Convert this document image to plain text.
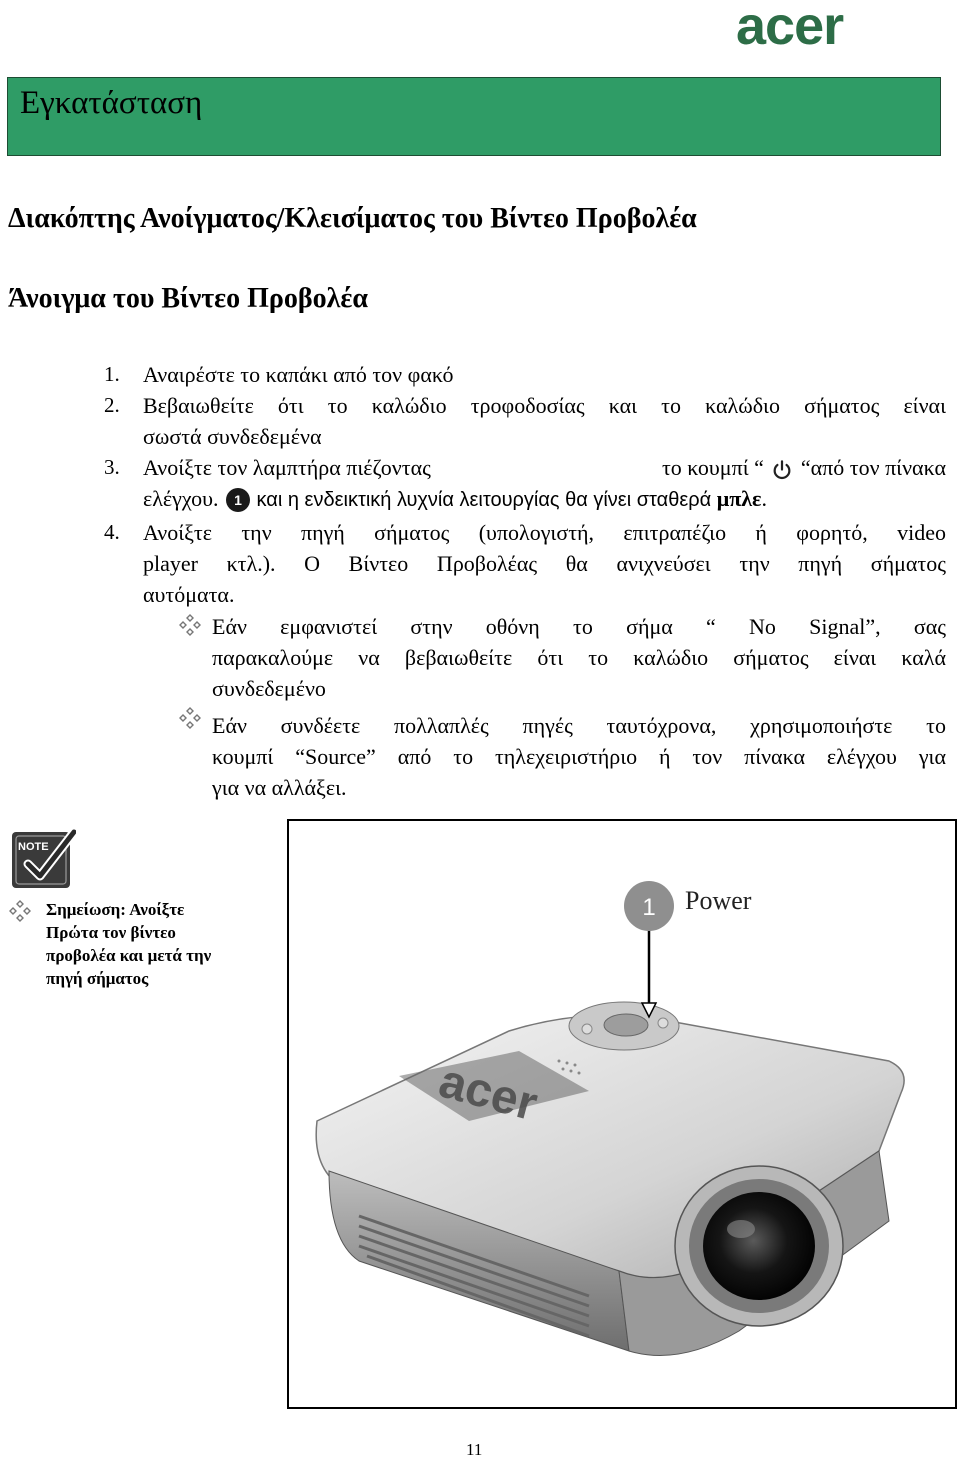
acer
Εγκατάσταση
Διακόπτης Ανοίγματος/Κλεισίματος του Βίντεο Προβολέα
Άνοιγμα του Βίντεο Προβολέα
1.	Αναιρέστε το καπάκι από τον φακό
2.	Βεβαιωθείτε ότι το καλώδιο τροφοδοσίας και το καλώδιο σήματος είναι
σωστά συνδεδεμένα
3.	Ανοίξτε τον λαμπτήρα πιέζοντας	το κουμπί “ “από τον πίνακα
ελέγχου. 1 και η ενδεικτική λυχνία λειτουργίας θα γίνει σταθερά μπλε.
4.	Ανοίξτε την πηγή σήματος (υπολογιστή, επιτραπέζιο ή φορητό, video
player κτλ.). Ο Βίντεο Προβολέας θα ανιχνεύσει την πηγή σήματος
αυτόματα.
Εάν εμφανιστεί στην οθόνη το σήμα “ No Signal”, σας
παρακαλούμε να βεβαιωθείτε ότι το καλώδιο σήματος είναι καλά
συνδεδεμένο
Εάν συνδέετε πολλαπλές πηγές ταυτόχρονα, χρησιμοποιήστε το
κουμπί “Source” από το τηλεχειριστήριο ή τον πίνακα ελέγχου για
για να αλλάξει.
NOTE
Σημείωση: Ανοίξτε
Πρώτα τον βίντεο
προβολέα και μετά την
πηγή σήματος
acer
1 Power
11
